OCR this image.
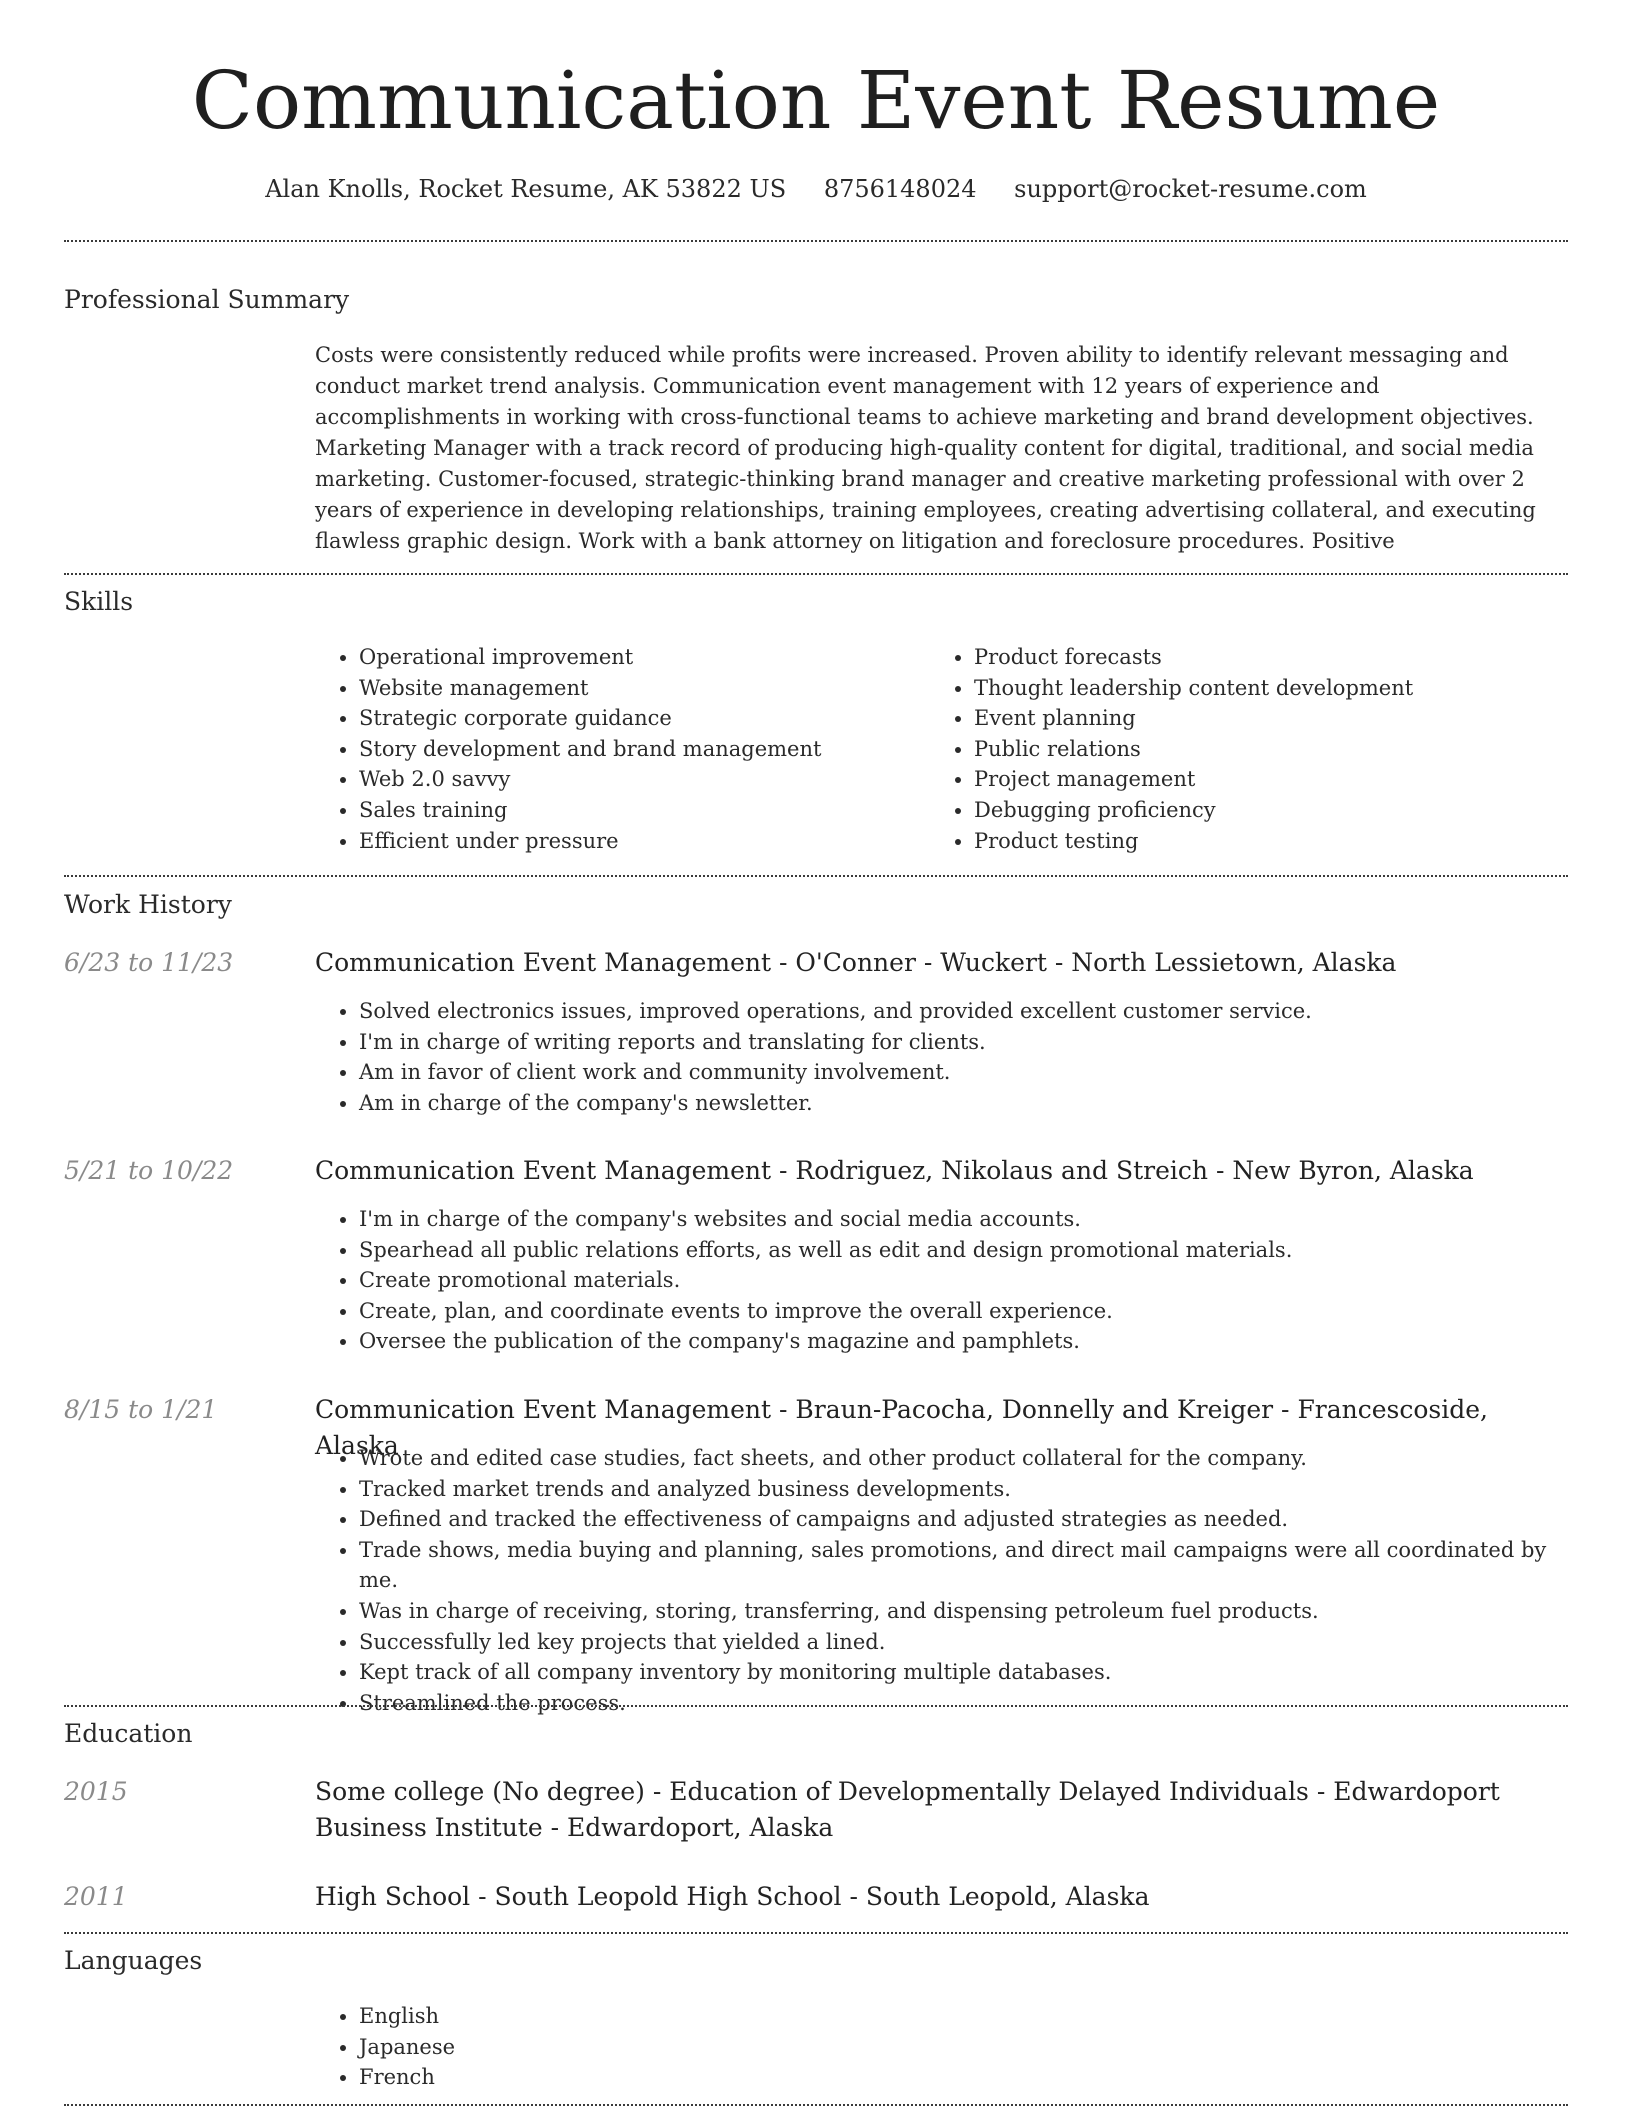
Communication Event Resume
Alan Knolls, Rocket Resume, AK 53822 US 8756148024 support@rocket-resume.com
Professional Summary
Costs were consistently reduced while profits were increased. Proven ability to identify relevant messaging and conduct market trend analysis. Communication event management with 12 years of experience and accomplishments in working with cross-functional teams to achieve marketing and brand development objectives. Marketing Manager with a track record of producing high-quality content for digital, traditional, and social media marketing. Customer-focused, strategic-thinking brand manager and creative marketing professional with over 2 years of experience in developing relationships, training employees, creating advertising collateral, and executing flawless graphic design. Work with a bank attorney on litigation and foreclosure procedures. Positive
Skills
• Operational improvement
• Website management
• Strategic corporate guidance
• Story development and brand management
• Web 2.0 savvy
• Sales training
• Efficient under pressure
• Product forecasts
• Thought leadership content development
• Event planning
• Public relations
• Project management
• Debugging proficiency
• Product testing
Work History
6/23 to 11/23	Communication Event Management - O'Conner - Wuckert - North Lessietown, Alaska
• Solved electronics issues, improved operations, and provided excellent customer service.
• I'm in charge of writing reports and translating for clients.
• Am in favor of client work and community involvement.
• Am in charge of the company's newsletter.
5/21 to 10/22	Communication Event Management - Rodriguez, Nikolaus and Streich - New Byron, Alaska
• I'm in charge of the company's websites and social media accounts.
• Spearhead all public relations efforts, as well as edit and design promotional materials.
• Create promotional materials.
• Create, plan, and coordinate events to improve the overall experience.
• Oversee the publication of the company's magazine and pamphlets.
8/15 to 1/21	Communication Event Management - Braun-Pacocha, Donnelly and Kreiger - Francescoside, Alaska
• Wrote and edited case studies, fact sheets, and other product collateral for the company.
• Tracked market trends and analyzed business developments.
• Defined and tracked the effectiveness of campaigns and adjusted strategies as needed.
• Trade shows, media buying and planning, sales promotions, and direct mail campaigns were all coordinated by me.
• Was in charge of receiving, storing, transferring, and dispensing petroleum fuel products.
• Successfully led key projects that yielded a lined.
• Kept track of all company inventory by monitoring multiple databases.
• Streamlined the process.
Education
2015	Some college (No degree) - Education of Developmentally Delayed Individuals - Edwardoport Business Institute - Edwardoport, Alaska
2011	High School - South Leopold High School - South Leopold, Alaska
Languages
• English
• Japanese
• French
